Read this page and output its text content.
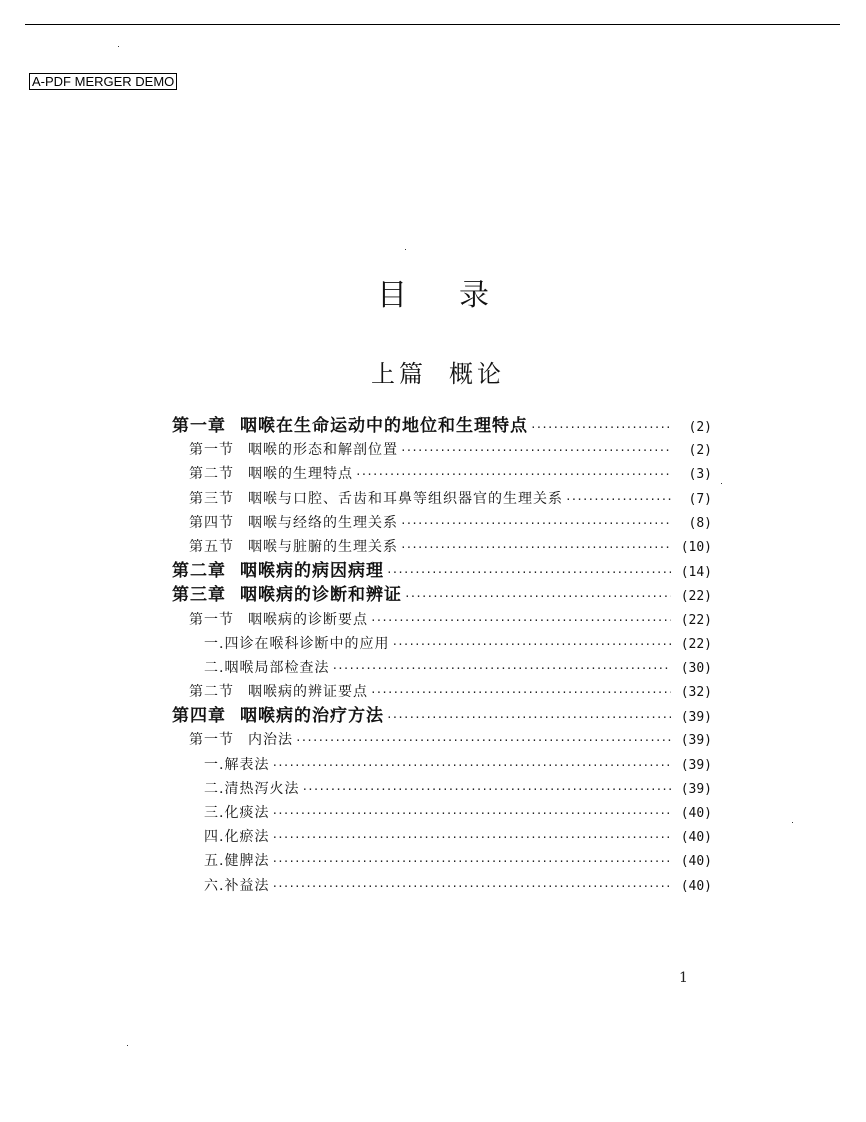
A-PDF MERGER DEMO
目录
上篇 概论
第一章 咽喉在生命运动中的地位和生理特点 ·····	(2)
第一节 咽喉的形态和解剖位置 ·····	(2)
第二节 咽喉的生理特点 ·····	(3)
第三节 咽喉与口腔、舌齿和耳鼻等组织器官的生理关系 ·····	(7)
第四节 咽喉与经络的生理关系 ·····	(8)
第五节 咽喉与脏腑的生理关系 ·····	(10)
第二章 咽喉病的病因病理 ·····	(14)
第三章 咽喉病的诊断和辨证 ·····	(22)
第一节 咽喉病的诊断要点 ·····	(22)
一.四诊在喉科诊断中的应用 ·····	(22)
二.咽喉局部检查法 ·····	(30)
第二节 咽喉病的辨证要点 ·····	(32)
第四章 咽喉病的治疗方法 ·····	(39)
第一节 内治法 ·····	(39)
一.解表法 ·····	(39)
二.清热泻火法 ·····	(39)
三.化痰法 ·····	(40)
四.化瘀法 ·····	(40)
五.健脾法 ·····	(40)
六.补益法 ·····	(40)
1
